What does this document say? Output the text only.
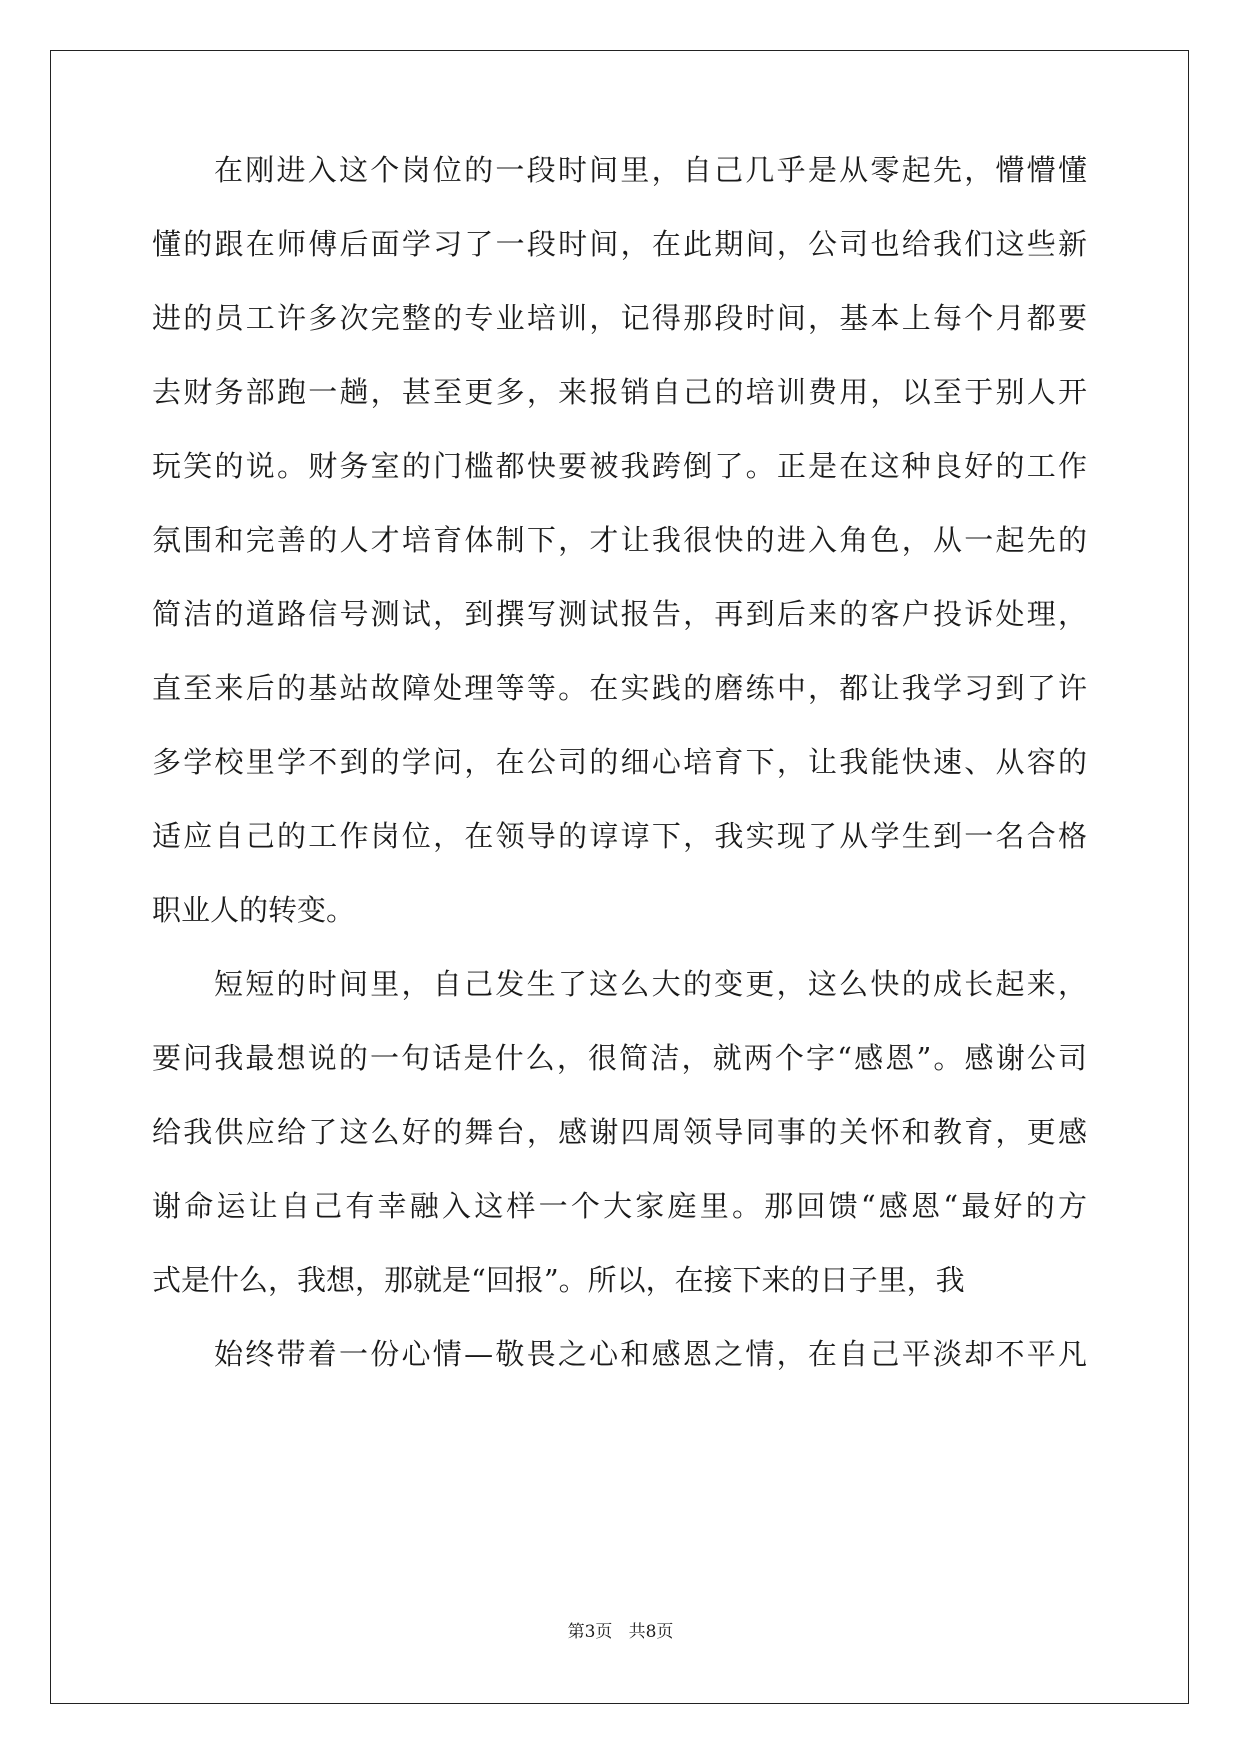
在刚进入这个岗位的一段时间里，自己几乎是从零起先，懵懵懂

懂的跟在师傅后面学习了一段时间，在此期间，公司也给我们这些新

进的员工许多次完整的专业培训，记得那段时间，基本上每个月都要

去财务部跑一趟，甚至更多，来报销自己的培训费用，以至于别人开

玩笑的说。财务室的门槛都快要被我跨倒了。正是在这种良好的工作

氛围和完善的人才培育体制下，才让我很快的进入角色，从一起先的

简洁的道路信号测试，到撰写测试报告，再到后来的客户投诉处理，

直至来后的基站故障处理等等。在实践的磨练中，都让我学习到了许

多学校里学不到的学问，在公司的细心培育下，让我能快速、从容的

适应自己的工作岗位，在领导的谆谆下，我实现了从学生到一名合格

职业人的转变。

短短的时间里，自己发生了这么大的变更，这么快的成长起来，

要问我最想说的一句话是什么，很简洁，就两个字“感恩”。感谢公司

给我供应给了这么好的舞台，感谢四周领导同事的关怀和教育，更感

谢命运让自己有幸融入这样一个大家庭里。那回馈“感恩“最好的方

式是什么，我想，那就是“回报”。所以，在接下来的日子里，我

始终带着一份心情—敬畏之心和感恩之情，在自己平淡却不平凡

第3页   共8页
